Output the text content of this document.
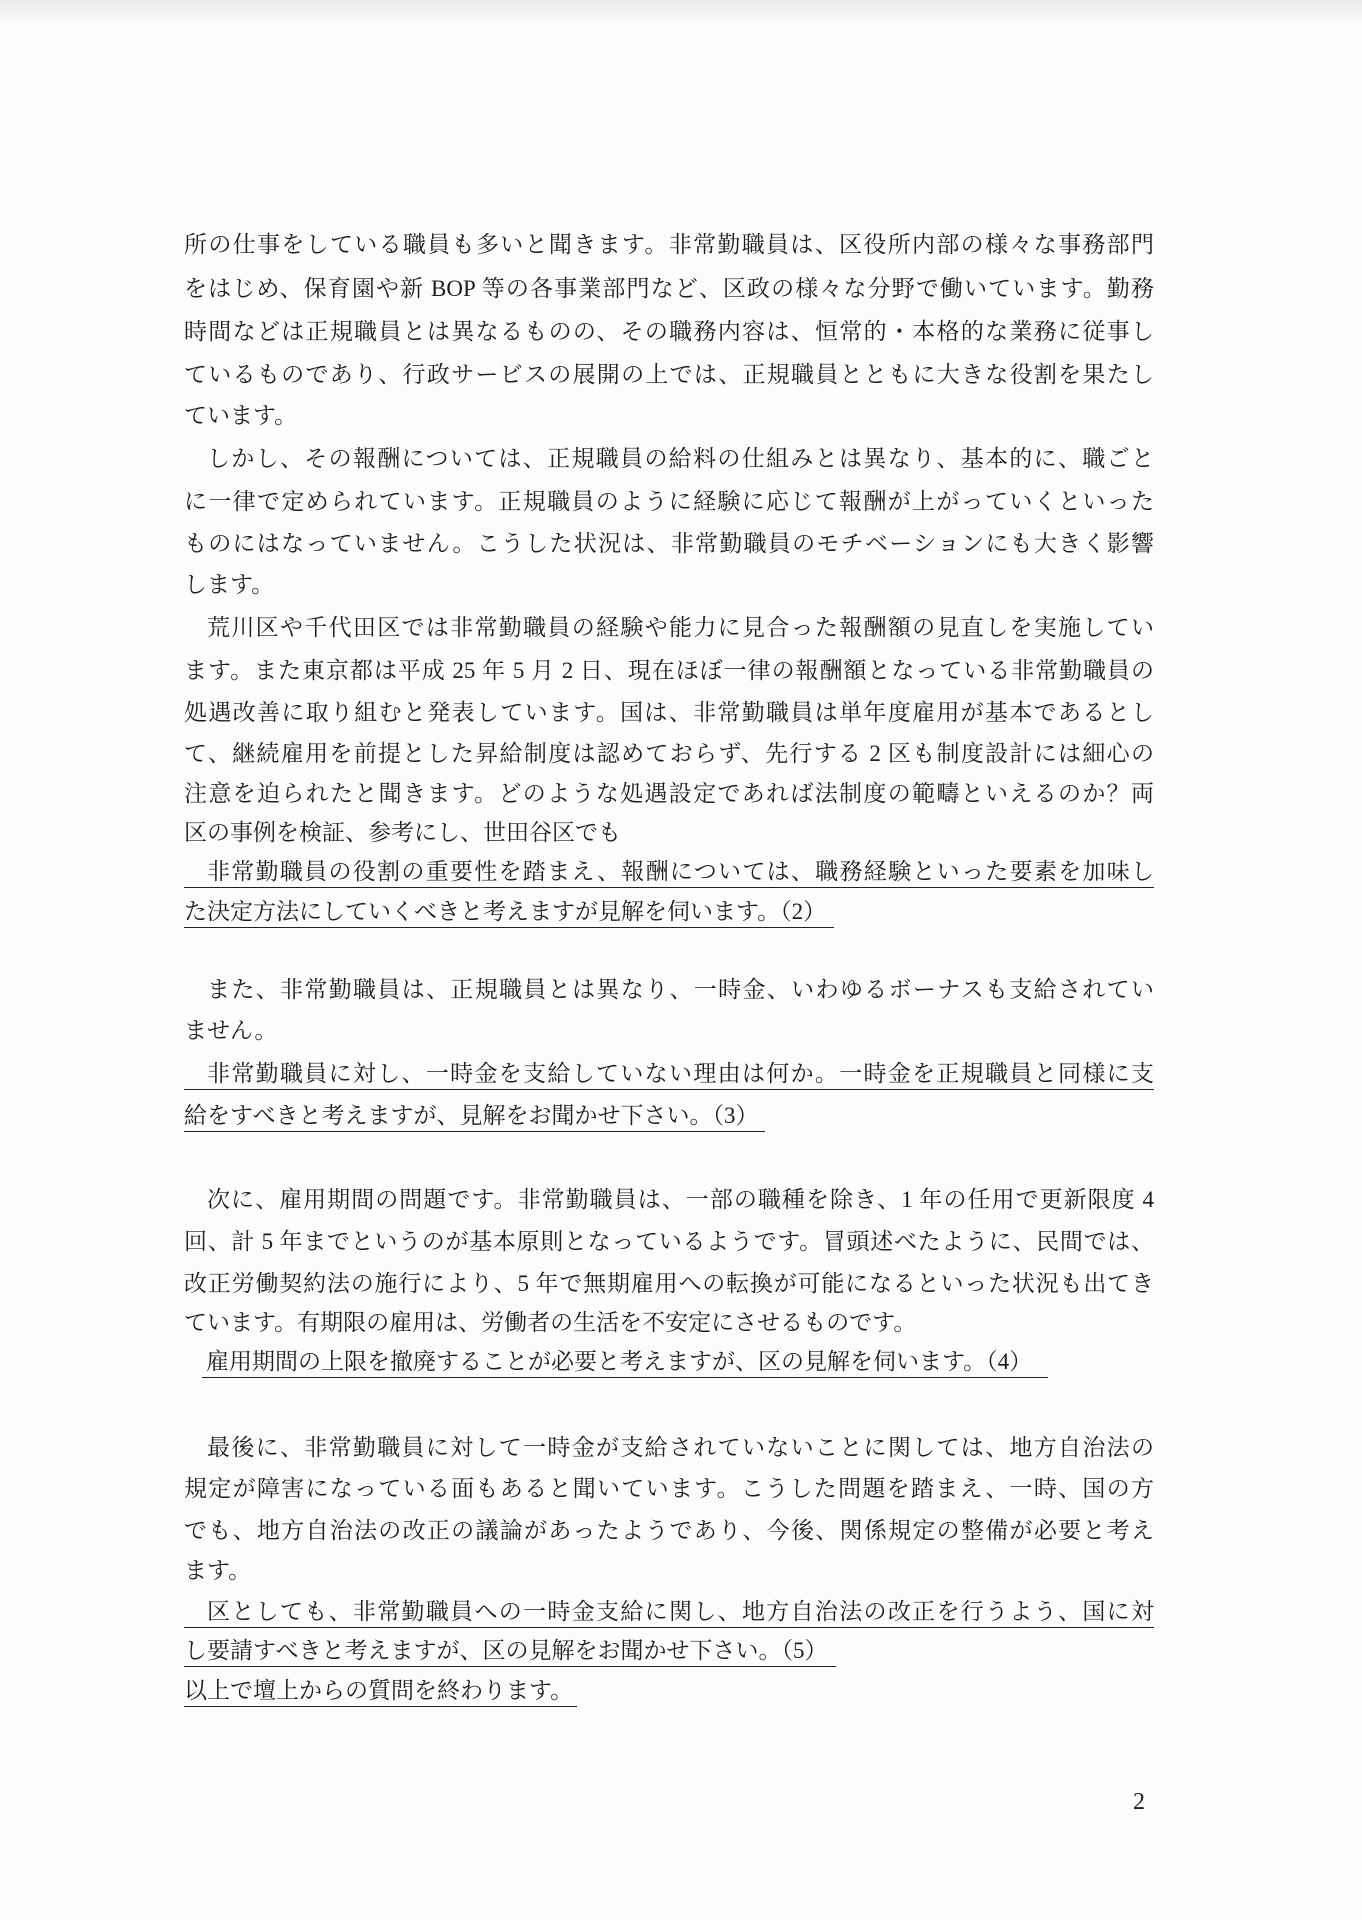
所の仕事をしている職員も多いと聞きます。非常勤職員は、区役所内部の様々な事務部門
をはじめ、保育園や新 BOP 等の各事業部門など、区政の様々な分野で働いています。勤務
時間などは正規職員とは異なるものの、その職務内容は、恒常的・本格的な業務に従事し
ているものであり、行政サービスの展開の上では、正規職員とともに大きな役割を果たし
ています。
しかし、その報酬については、正規職員の給料の仕組みとは異なり、基本的に、職ごと
に一律で定められています。正規職員のように経験に応じて報酬が上がっていくといった
ものにはなっていません。こうした状況は、非常勤職員のモチベーションにも大きく影響
します。
荒川区や千代田区では非常勤職員の経験や能力に見合った報酬額の見直しを実施してい
ます。また東京都は平成 25 年 5 月 2 日、現在ほぼ一律の報酬額となっている非常勤職員の
処遇改善に取り組むと発表しています。国は、非常勤職員は単年度雇用が基本であるとし
て、継続雇用を前提とした昇給制度は認めておらず、先行する 2 区も制度設計には細心の
注意を迫られたと聞きます。どのような処遇設定であれば法制度の範疇といえるのか？両
区の事例を検証、参考にし、世田谷区でも
非常勤職員の役割の重要性を踏まえ、報酬については、職務経験といった要素を加味し
た決定方法にしていくべきと考えますが見解を伺います。（2）
また、非常勤職員は、正規職員とは異なり、一時金、いわゆるボーナスも支給されてい
ません。
非常勤職員に対し、一時金を支給していない理由は何か。一時金を正規職員と同様に支
給をすべきと考えますが、見解をお聞かせ下さい。（3）
次に、雇用期間の問題です。非常勤職員は、一部の職種を除き、1 年の任用で更新限度 4
回、計 5 年までというのが基本原則となっているようです。冒頭述べたように、民間では、
改正労働契約法の施行により、5 年で無期雇用への転換が可能になるといった状況も出てき
ています。有期限の雇用は、労働者の生活を不安定にさせるものです。
雇用期間の上限を撤廃することが必要と考えますが、区の見解を伺います。（4）
最後に、非常勤職員に対して一時金が支給されていないことに関しては、地方自治法の
規定が障害になっている面もあると聞いています。こうした問題を踏まえ、一時、国の方
でも、地方自治法の改正の議論があったようであり、今後、関係規定の整備が必要と考え
ます。
区としても、非常勤職員への一時金支給に関し、地方自治法の改正を行うよう、国に対
し要請すべきと考えますが、区の見解をお聞かせ下さい。（5）
以上で壇上からの質問を終わります。
2
